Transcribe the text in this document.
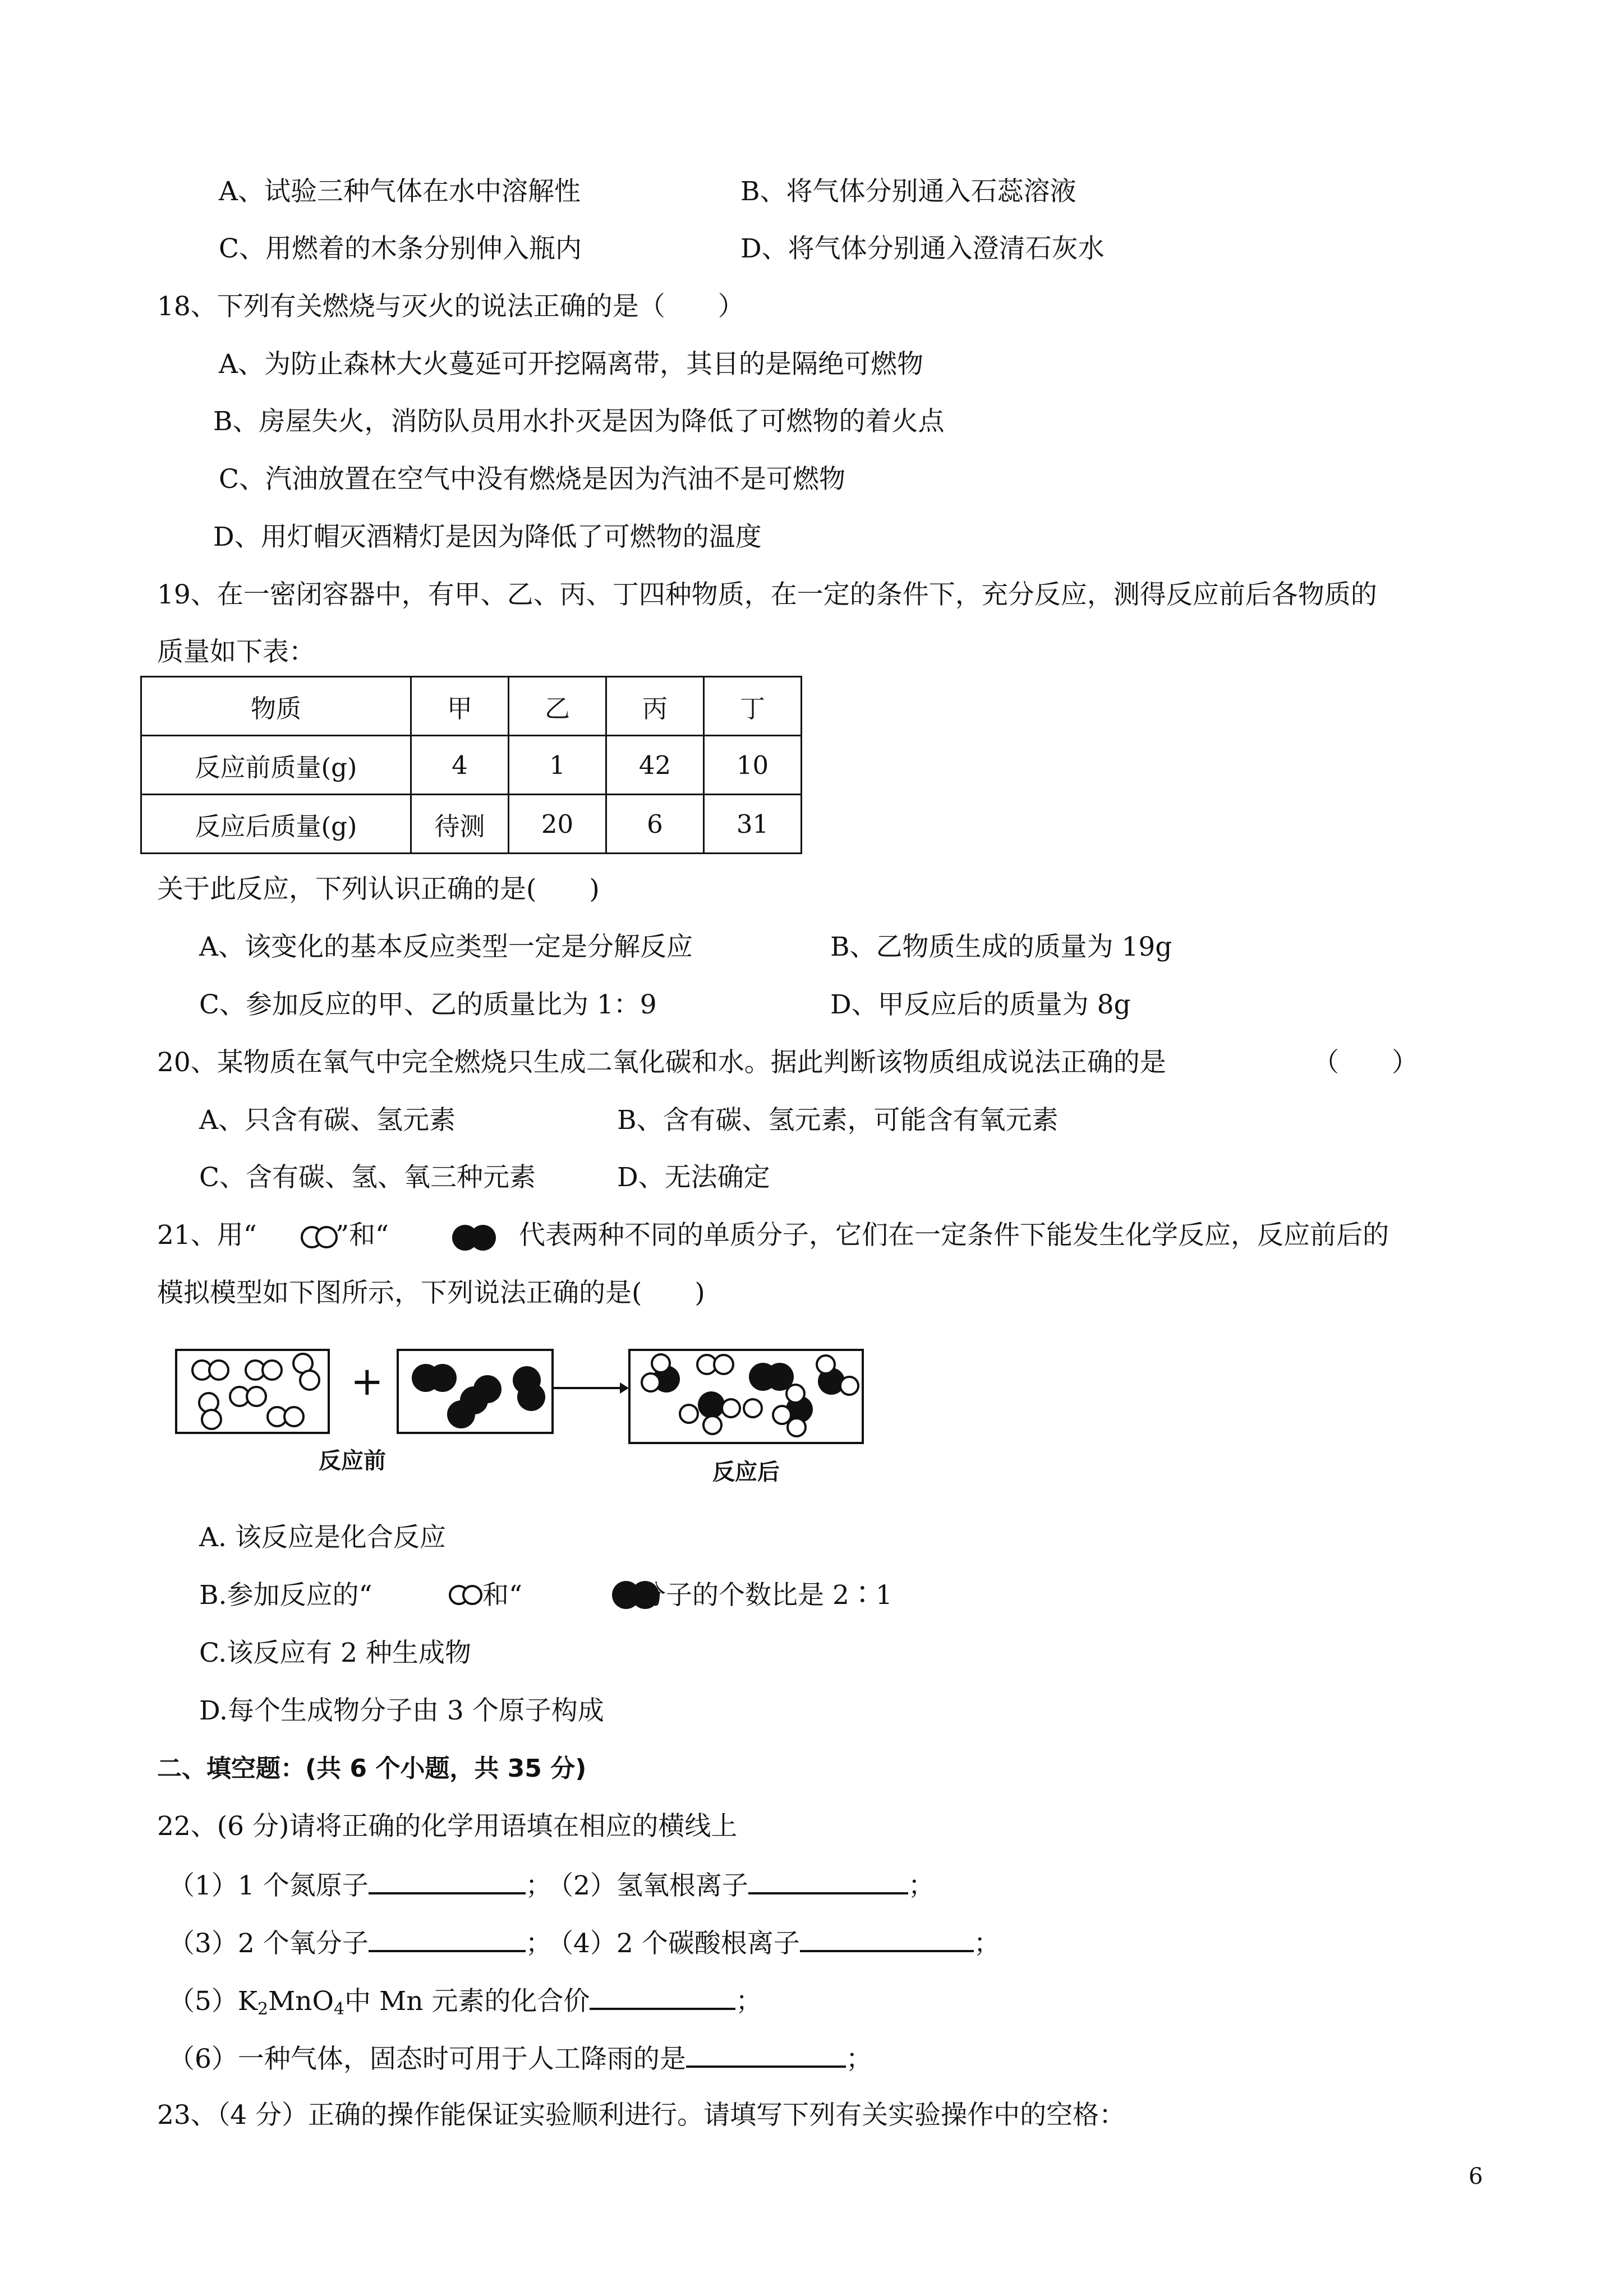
A、试验三种气体在水中溶解性	B、将气体分别通入石蕊溶液
C、用燃着的木条分别伸入瓶内	D、将气体分别通入澄清石灰水
18、下列有关燃烧与灭火的说法正确的是（　　）
A、为防止森林大火蔓延可开挖隔离带，其目的是隔绝可燃物
B、房屋失火，消防队员用水扑灭是因为降低了可燃物的着火点
C、汽油放置在空气中没有燃烧是因为汽油不是可燃物
D、用灯帽灭酒精灯是因为降低了可燃物的温度
19、在一密闭容器中，有甲、乙、丙、丁四种物质，在一定的条件下，充分反应，测得反应前后各物质的
质量如下表：
物质	甲	乙	丙	丁
反应前质量(g)	4	1	42	10
反应后质量(g)	待测	20	6	31
关于此反应，下列认识正确的是(　　)
A、该变化的基本反应类型一定是分解反应	B、乙物质生成的质量为 19g
C、参加反应的甲、乙的质量比为 1：9	D、甲反应后的质量为 8g
20、某物质在氧气中完全燃烧只生成二氧化碳和水。据此判断该物质组成说法正确的是	（　　）
A、只含有碳、氢元素	B、含有碳、氢元素，可能含有氧元素
C、含有碳、氢、氧三种元素	D、无法确定
21、用“	”和“	代表两种不同的单质分子，它们在一定条件下能发生化学反应，反应前后的
模拟模型如下图所示，下列说法正确的是(　　)
+
反应前	反应后
A. 该反应是化合反应
B.参加反应的“	和“	分子的个数比是 2∶1
C.该反应有 2 种生成物
D.每个生成物分子由 3 个原子构成
二、填空题：(共 6 个小题，共 35 分)
22、(6 分)请将正确的化学用语填在相应的横线上
（1）1 个氮原子	；
（2）氢氧根离子	；
（3）2 个氧分子	；
（4）2 个碳酸根离子	；
$(5)K_2MnO_4$中 Mn 元素的化合价	；
（6）一种气体，固态时可用于人工降雨的是	；
23、（4 分）正确的操作能保证实验顺利进行。请填写下列有关实验操作中的空格：
6
